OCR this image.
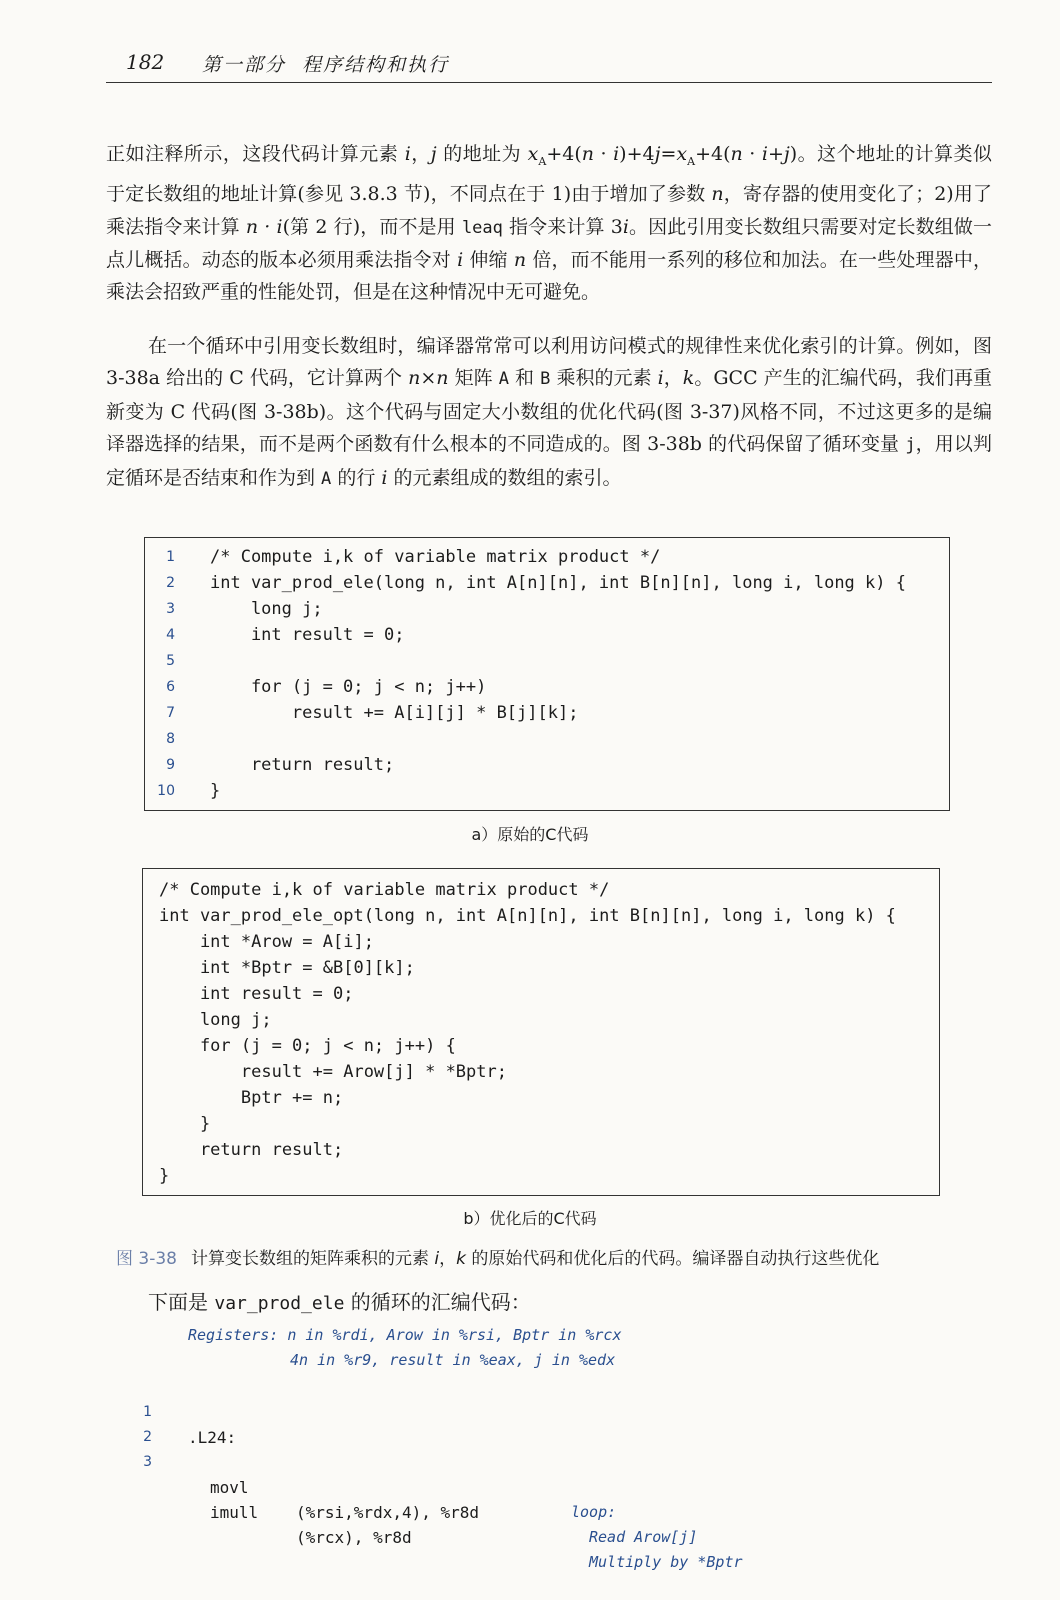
182 第一部分  程序结构和执行
正如注释所示，这段代码计算元素 i，j 的地址为 $x_A+4(n \cdot i)+4j=x_A+4(n \cdot i+j)$。这个地址的计算类似于定长数组的地址计算(参见 3.8.3 节)，不同点在于 1)由于增加了参数 n，寄存器的使用变化了；2)用了乘法指令来计算 n · i(第 2 行)，而不是用 leaq 指令来计算 3i。因此引用变长数组只需要对定长数组做一点儿概括。动态的版本必须用乘法指令对 i 伸缩 n 倍，而不能用一系列的移位和加法。在一些处理器中，乘法会招致严重的性能处罚，但是在这种情况中无可避免。
在一个循环中引用变长数组时，编译器常常可以利用访问模式的规律性来优化索引的计算。例如，图 3-38a 给出的 C 代码，它计算两个 n×n 矩阵 A 和 B 乘积的元素 i，k。GCC 产生的汇编代码，我们再重新变为 C 代码(图 3-38b)。这个代码与固定大小数组的优化代码(图 3-37)风格不同，不过这更多的是编译器选择的结果，而不是两个函数有什么根本的不同造成的。图 3-38b 的代码保留了循环变量 j，用以判定循环是否结束和作为到 A 的行 i 的元素组成的数组的索引。
1 /* Compute i,k of variable matrix product */
2 int var_prod_ele(long n, int A[n][n], int B[n][n], long i, long k) {
3 long j;
4 int result = 0;
5
6 for (j = 0; j < n; j++)
7 result += A[i][j] * B[j][k];
8
9 return result;
10 }
a）原始的C代码
/* Compute i,k of variable matrix product */
int var_prod_ele_opt(long n, int A[n][n], int B[n][n], long i, long k) {
int *Arow = A[i];
int *Bptr = &B[0][k];
int result = 0;
long j;
for (j = 0; j < n; j++) {
result += Arow[j] * *Bptr;
Bptr += n;
}
return result;
}
b）优化后的C代码
图 3-38 计算变长数组的矩阵乘积的元素 i，k 的原始代码和优化后的代码。编译器自动执行这些优化
下面是 var_prod_ele 的循环的汇编代码：
Registers: n in %rdi, Arow in %rsi, Bptr in %rcx
4n in %r9, result in %eax, j in %edx

1

.L24:

loop:

2

movl

(%rsi,%rdx,4), %r8d

Read Arow[j]

3

imull

(%rcx), %r8d

Multiply by *Bptr
